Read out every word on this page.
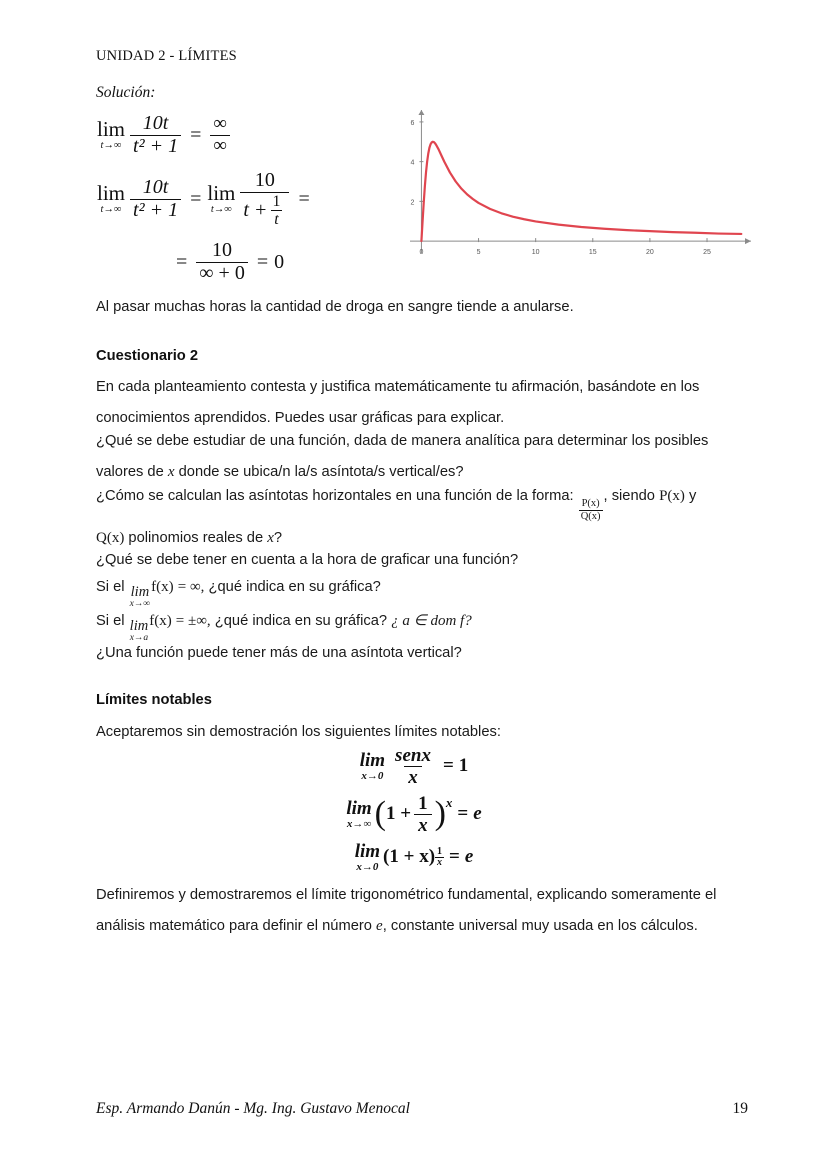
UNIDAD 2 - LÍMITES
Solución:
lim
$t\to\infty \frac{10t}{\text{t² + 1}} = \frac{\infty}{\infty}$
lim
$t\to\infty \frac{10t}{\text{t² + 1}} = \lim$
$t\to\infty \frac{10}{t + \frac{1}{t}}$ =
= $\frac{10}{\infty + 0} = 0$	0	5	10	15	20	25
2
4
6
Al pasar muchas horas la cantidad de droga en sangre tiende a anularse.
Cuestionario 2
En cada planteamiento contesta y justifica matemáticamente tu afirmación, basándote en los conocimientos aprendidos. Puedes usar gráficas para explicar.
¿Qué se debe estudiar de una función, dada de manera analítica para determinar los posibles valores de x donde se ubica/n la/s asíntota/s vertical/es?
¿Cómo se calculan las asíntotas horizontales en una función de la forma:
$\frac{P(x)}{Q(x)}$
, siendo P(x) y
Q(x) polinomios reales de x?
¿Qué se debe tener en cuenta a la hora de graficar una función?
Si el lim
x→∞
f(x) = ∞, ¿qué indica en su gráfica?
Si el lim
x→a
f(x) = ±∞, ¿qué indica en su gráfica? ¿ a ∈ dom f?
¿Una función puede tener más de una asíntota vertical?
Límites notables
Aceptaremos sin demostración los siguientes límites notables:
lim
$x\to 0 \frac{\text{senx}}{x} = 1$
lim
x→∞ $(1 + \frac{1}{x} )^x= e$
lim
x→0
$(1 + x) \frac{1}{x} = e$
Definiremos y demostraremos el límite trigonométrico fundamental, explicando someramente el análisis matemático para definir el número e, constante universal muy usada en los cálculos.
Esp. Armando Danún - Mg. Ing. Gustavo Menocal	19
